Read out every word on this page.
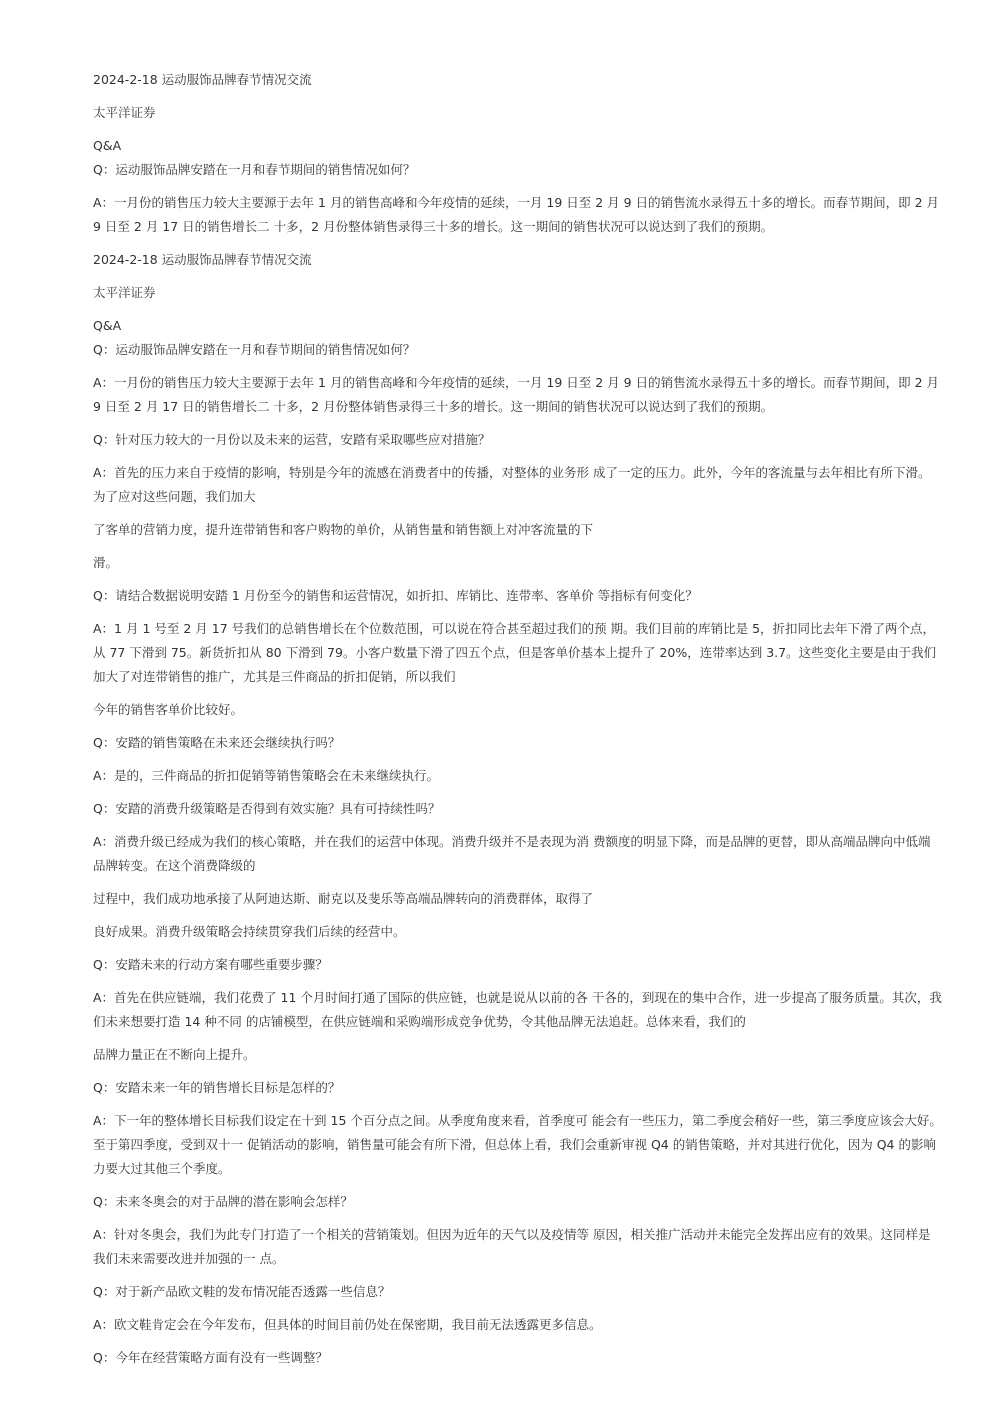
2024-2-18 运动服饰品牌春节情况交流

太平洋证券

Q&A

Q：运动服饰品牌安踏在一月和春节期间的销售情况如何？

A：一月份的销售压力较大主要源于去年 1 月的销售高峰和今年疫情的延续，一月 19 日至 2 月 9 日的销售流水录得五十多的增长。而春节期间，即 2 月 9 日至 2 月 17 日的销售增长二 十多，2 月份整体销售录得三十多的增长。这一期间的销售状况可以说达到了我们的预期。

2024-2-18 运动服饰品牌春节情况交流

太平洋证券

Q&A

Q：运动服饰品牌安踏在一月和春节期间的销售情况如何？

A：一月份的销售压力较大主要源于去年 1 月的销售高峰和今年疫情的延续，一月 19 日至 2 月 9 日的销售流水录得五十多的增长。而春节期间，即 2 月 9 日至 2 月 17 日的销售增长二 十多，2 月份整体销售录得三十多的增长。这一期间的销售状况可以说达到了我们的预期。

Q：针对压力较大的一月份以及未来的运营，安踏有采取哪些应对措施？

A：首先的压力来自于疫情的影响，特别是今年的流感在消费者中的传播，对整体的业务形 成了一定的压力。此外，今年的客流量与去年相比有所下滑。为了应对这些问题，我们加大

了客单的营销力度，提升连带销售和客户购物的单价，从销售量和销售额上对冲客流量的下

滑。

Q：请结合数据说明安踏 1 月份至今的销售和运营情况，如折扣、库销比、连带率、客单价 等指标有何变化？

A：1 月 1 号至 2 月 17 号我们的总销售增长在个位数范围，可以说在符合甚至超过我们的预 期。我们目前的库销比是 5，折扣同比去年下滑了两个点，从 77 下滑到 75。新货折扣从 80 下滑到 79。小客户数量下滑了四五个点，但是客单价基本上提升了 20%，连带率达到 3.7。这些变化主要是由于我们加大了对连带销售的推广，尤其是三件商品的折扣促销，所以我们

今年的销售客单价比较好。

Q：安踏的销售策略在未来还会继续执行吗？

A：是的，三件商品的折扣促销等销售策略会在未来继续执行。

Q：安踏的消费升级策略是否得到有效实施？具有可持续性吗？

A：消费升级已经成为我们的核心策略，并在我们的运营中体现。消费升级并不是表现为消 费额度的明显下降，而是品牌的更替，即从高端品牌向中低端品牌转变。在这个消费降级的

过程中，我们成功地承接了从阿迪达斯、耐克以及斐乐等高端品牌转向的消费群体，取得了

良好成果。消费升级策略会持续贯穿我们后续的经营中。

Q：安踏未来的行动方案有哪些重要步骤？

A：首先在供应链端，我们花费了 11 个月时间打通了国际的供应链，也就是说从以前的各 干各的，到现在的集中合作，进一步提高了服务质量。其次，我们未来想要打造 14 种不同 的店铺模型，在供应链端和采购端形成竞争优势，令其他品牌无法追赶。总体来看，我们的

品牌力量正在不断向上提升。

Q：安踏未来一年的销售增长目标是怎样的？

A：下一年的整体增长目标我们设定在十到 15 个百分点之间。从季度角度来看，首季度可 能会有一些压力，第二季度会稍好一些，第三季度应该会大好。至于第四季度，受到双十一 促销活动的影响，销售量可能会有所下滑，但总体上看，我们会重新审视 Q4 的销售策略，并对其进行优化，因为 Q4 的影响力要大过其他三个季度。

Q：未来冬奥会的对于品牌的潜在影响会怎样？

A：针对冬奥会，我们为此专门打造了一个相关的营销策划。但因为近年的天气以及疫情等 原因，相关推广活动并未能完全发挥出应有的效果。这同样是我们未来需要改进并加强的一 点。

Q：对于新产品欧文鞋的发布情况能否透露一些信息？

A：欧文鞋肯定会在今年发布，但具体的时间目前仍处在保密期，我目前无法透露更多信息。

Q：今年在经营策略方面有没有一些调整？
